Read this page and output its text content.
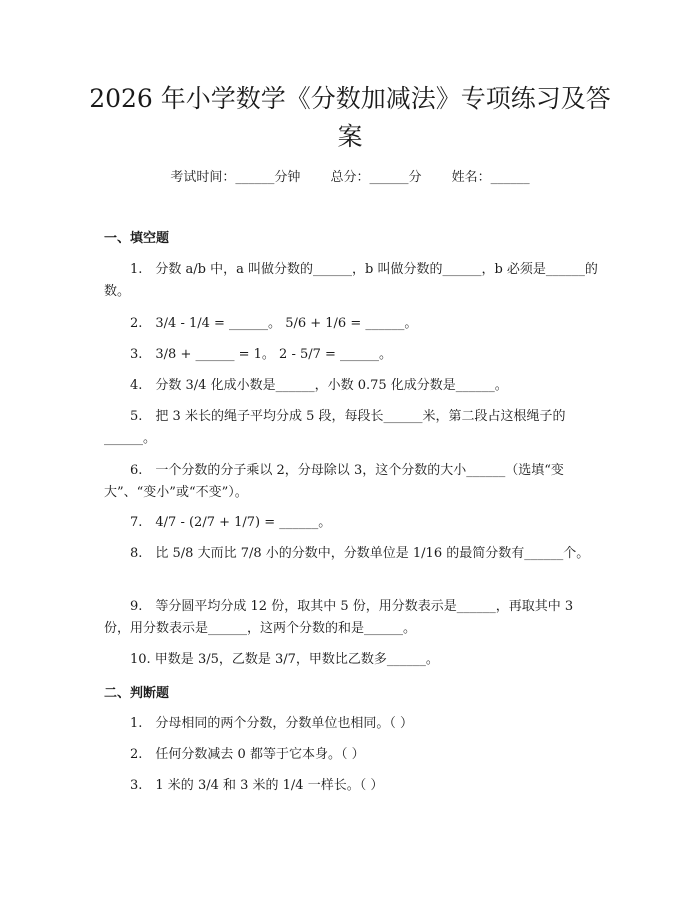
2026 年小学数学《分数加减法》专项练习及答案
考试时间：______分钟 总分：______分 姓名：______
一、填空题

1.　分数 a/b 中，a 叫做分数的______，b 叫做分数的______，b 必须是______的数。

2.　3/4 - 1/4 = ______。 5/6 + 1/6 = ______。

3.　3/8 + ______ = 1。 2 - 5/7 = ______。

4.　分数 3/4 化成小数是______，小数 0.75 化成分数是______。

5.　把 3 米长的绳子平均分成 5 段，每段长______米，第二段占这根绳子的______。

6.　一个分数的分子乘以 2，分母除以 3，这个分数的大小______（选填“变大”、“变小”或“不变”）。

7.　4/7 - (2/7 + 1/7) = ______。

8.　比 5/8 大而比 7/8 小的分数中，分数单位是 1/16 的最简分数有______个。

9.　等分圆平均分成 12 份，取其中 5 份，用分数表示是______，再取其中 3 份，用分数表示是______，这两个分数的和是______。

10. 甲数是 3/5，乙数是 3/7，甲数比乙数多______。

二、判断题

1.　分母相同的两个分数，分数单位也相同。（ ）

2.　任何分数减去 0 都等于它本身。（ ）

3.　1 米的 3/4 和 3 米的 1/4 一样长。（ ）
